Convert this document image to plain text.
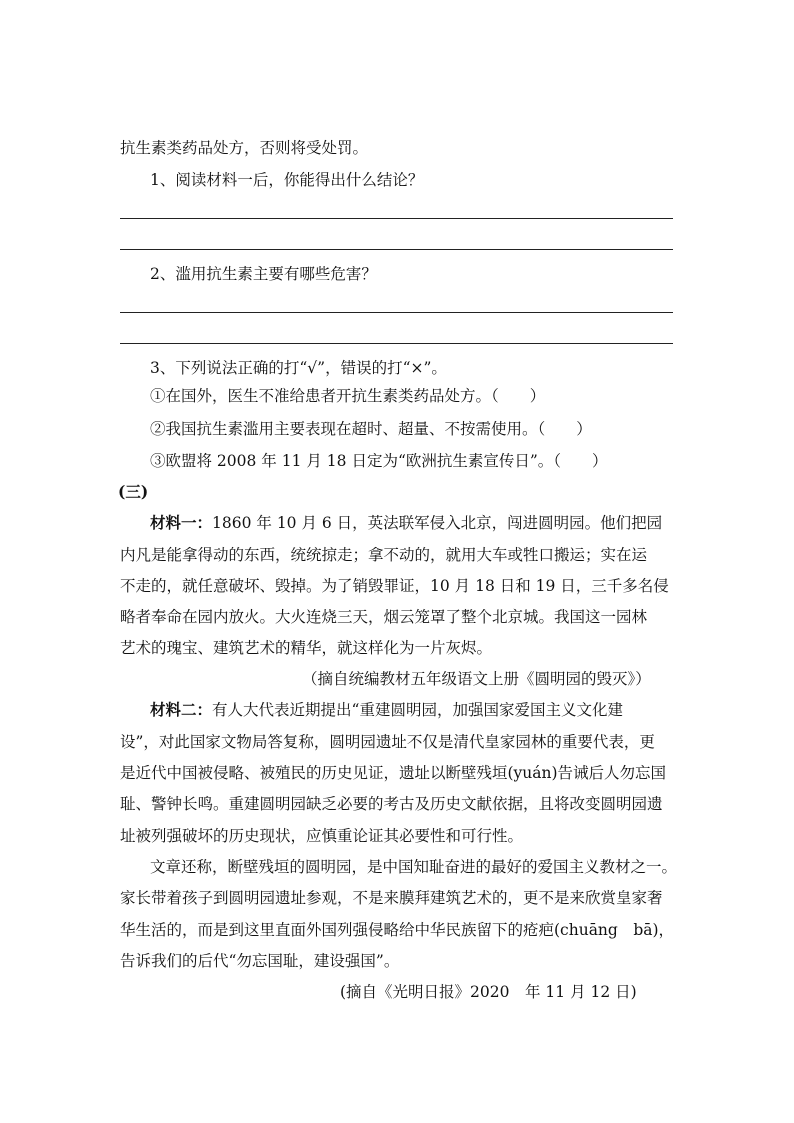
抗生素类药品处方，否则将受处罚。
1、阅读材料一后，你能得出什么结论？
2、滥用抗生素主要有哪些危害？
3、下列说法正确的打“√”，错误的打“×”。
①在国外，医生不准给患者开抗生素类药品处方。（　　）
②我国抗生素滥用主要表现在超时、超量、不按需使用。（　　）
③欧盟将 2008 年 11 月 18 日定为“欧洲抗生素宣传日”。（　　）
(三)
材料一：1860 年 10 月 6 日，英法联军侵入北京，闯进圆明园。他们把园
内凡是能拿得动的东西，统统掠走；拿不动的，就用大车或牲口搬运；实在运
不走的，就任意破坏、毁掉。为了销毁罪证，10 月 18 日和 19 日，三千多名侵
略者奉命在园内放火。大火连烧三天，烟云笼罩了整个北京城。我国这一园林
艺术的瑰宝、建筑艺术的精华，就这样化为一片灰烬。
（摘自统编教材五年级语文上册《圆明园的毁灭》）
材料二：有人大代表近期提出“重建圆明园，加强国家爱国主义文化建
设”，对此国家文物局答复称，圆明园遗址不仅是清代皇家园林的重要代表，更
是近代中国被侵略、被殖民的历史见证，遗址以断壁残垣(yuán)告诫后人勿忘国
耻、警钟长鸣。重建圆明园缺乏必要的考古及历史文献依据，且将改变圆明园遗
址被列强破坏的历史现状，应慎重论证其必要性和可行性。
文章还称，断壁残垣的圆明园，是中国知耻奋进的最好的爱国主义教材之一。
家长带着孩子到圆明园遗址参观，不是来膜拜建筑艺术的，更不是来欣赏皇家奢
华生活的，而是到这里直面外国列强侵略给中华民族留下的疮疤(chuāng　bā)，
告诉我们的后代“勿忘国耻，建设强国”。
(摘自《光明日报》2020　年 11 月 12 日)
